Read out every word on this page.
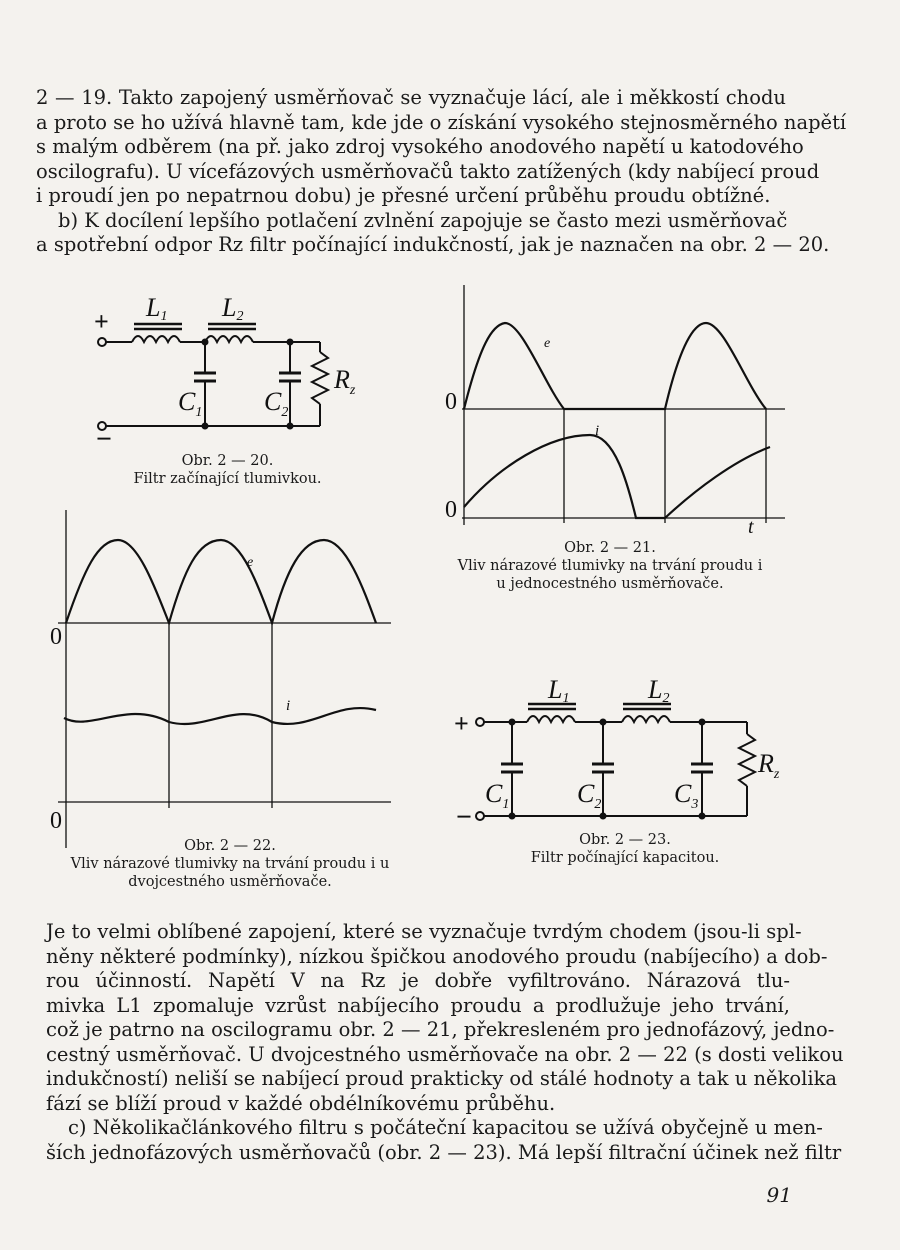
2 — 19. Takto zapojený usměrňovač se vyznačuje lácí, ale i měkkostí chodu
a proto se ho užívá hlavně tam, kde jde o získání vysokého stejnosměrného napětí
s malým odběrem (na př. jako zdroj vysokého anodového napětí u katodového
oscilografu). U vícefázových usměrňovačů takto zatížených (kdy nabíjecí proud
i proudí jen po nepatrnou dobu) je přesné určení průběhu proudu obtížné.
b) K docílení lepšího potlačení zvlnění zapojuje se často mezi usměrňovač
a spotřební odpor Rz filtr počínající indukčností, jak je naznačen na obr. 2 — 20.
+
−
L1 L2
$C_1$ $C_2$
$R_z$
Obr. 2 — 20.
Filtr začínající tlumivkou.
0
0
e
i
t
Obr. 2 — 21.
Vliv nárazové tlumivky na trvání proudu i
u jednocestného usměrňovače.
0
0
e
i
Obr. 2 — 22.
Vliv nárazové tlumivky na trvání proudu i u
dvojcestného usměrňovače.
+
−
L1	L2
$C_1$	$C_2$	$C_3$
$R_z$
Obr. 2 — 23.
Filtr počínající kapacitou.
Je to velmi oblíbené zapojení, které se vyznačuje tvrdým chodem (jsou-li spl-
něny některé podmínky), nízkou špičkou anodového proudu (nabíjecího) a dob-
rou účinností. Napětí V na Rz je dobře vyfiltrováno. Nárazová tlu-
mivka L1 zpomaluje vzrůst nabíjecího proudu a prodlužuje jeho trvání,
což je patrno na oscilogramu obr. 2 — 21, překresleném pro jednofázový, jedno-
cestný usměrňovač. U dvojcestného usměrňovače na obr. 2 — 22 (s dosti velikou
indukčností) neliší se nabíjecí proud prakticky od stálé hodnoty a tak u několika
fází se blíží proud v každé obdélníkovému průběhu.
c) Několikačlánkového filtru s počáteční kapacitou se užívá obyčejně u men-
ších jednofázových usměrňovačů (obr. 2 — 23). Má lepší filtrační účinek než filtr
91
